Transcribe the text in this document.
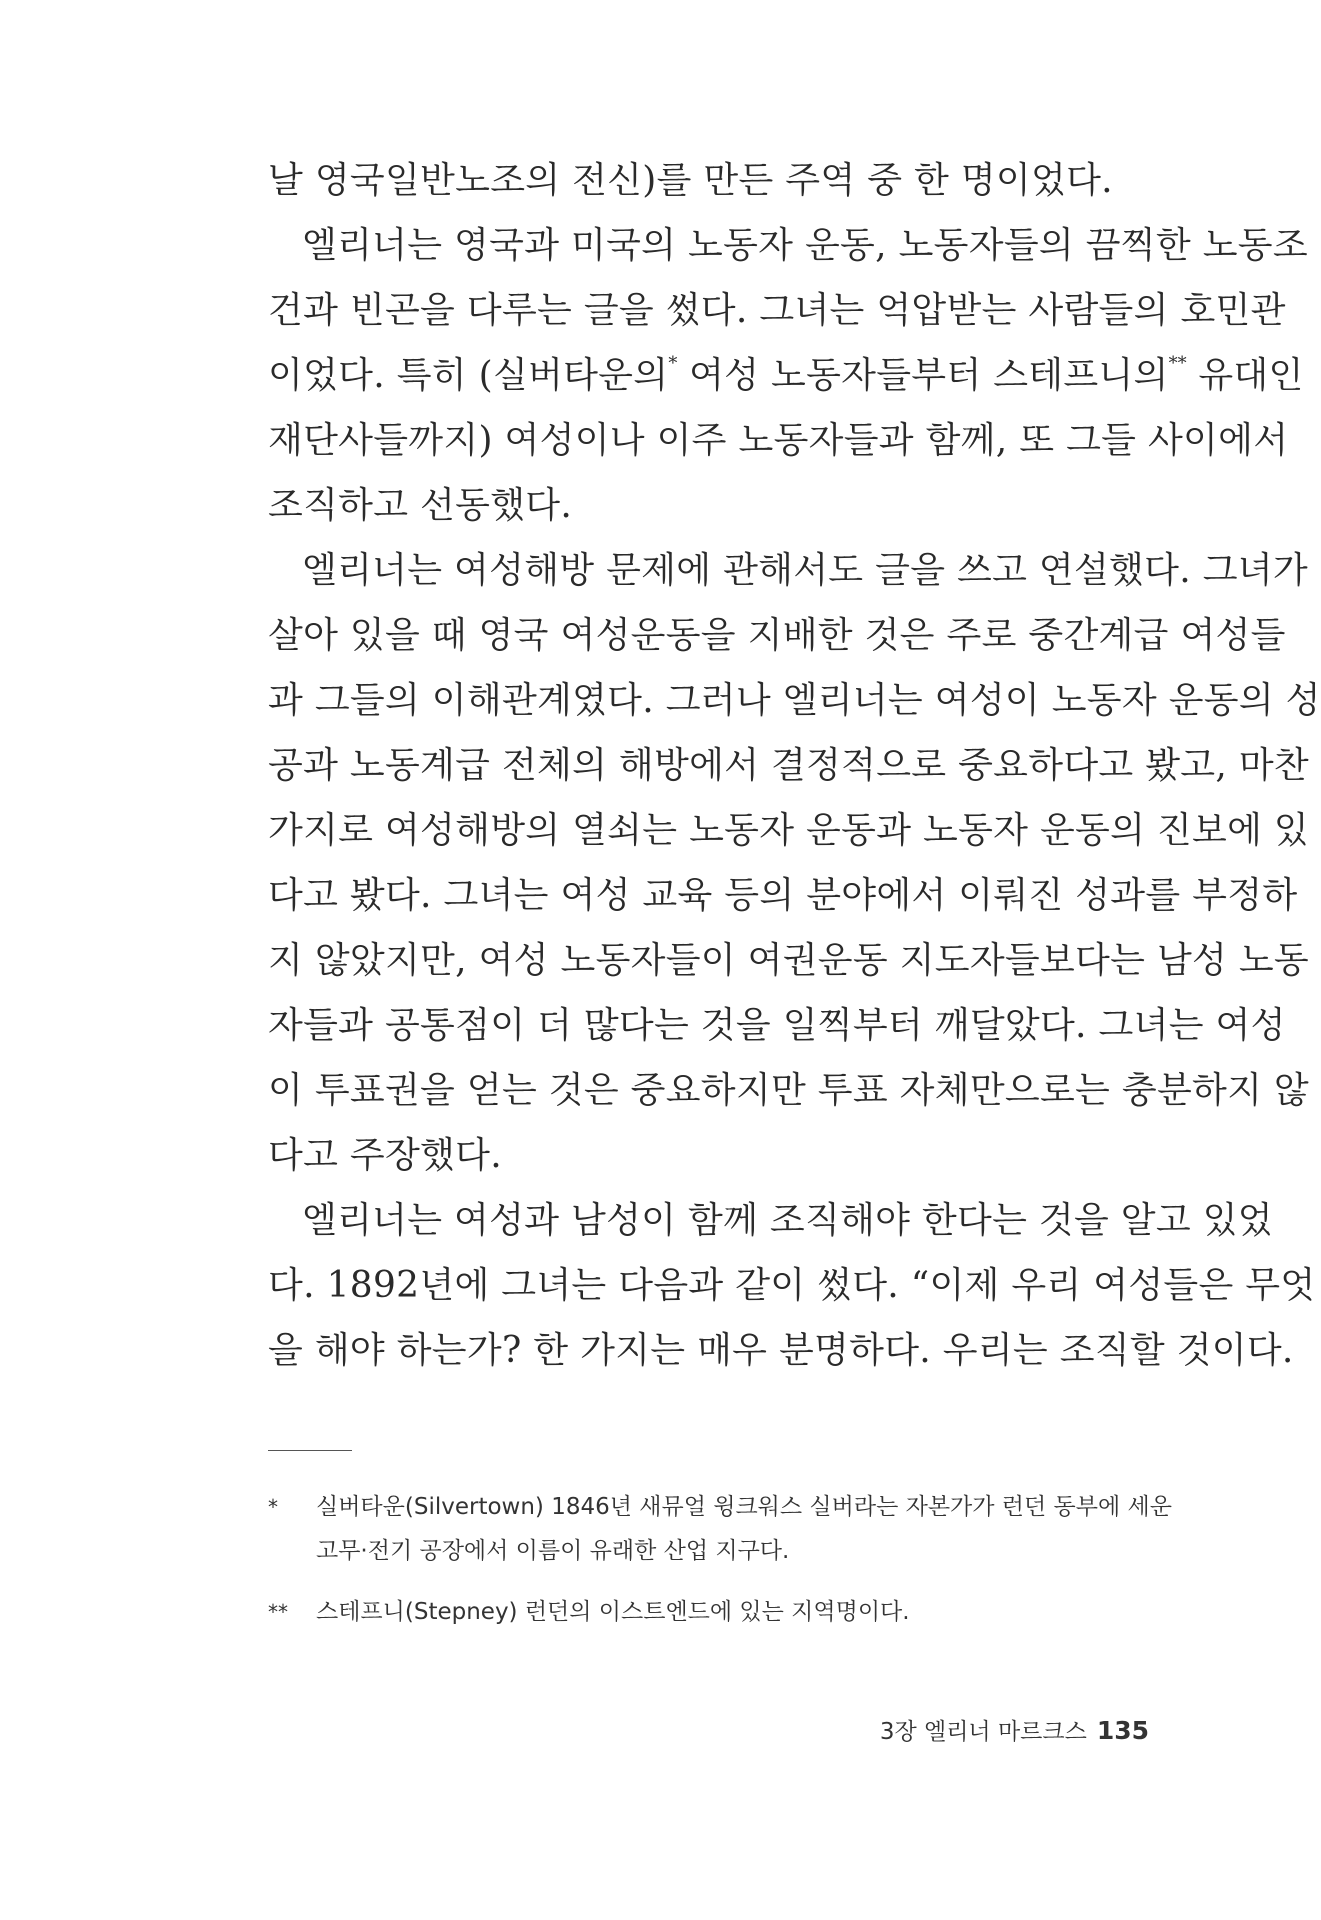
날 영국일반노조의 전신)를 만든 주역 중 한 명이었다.
엘리너는 영국과 미국의 노동자 운동, 노동자들의 끔찍한 노동조
건과 빈곤을 다루는 글을 썼다. 그녀는 억압받는 사람들의 호민관
이었다. 특히 (실버타운의* 여성 노동자들부터 스테프니의** 유대인
재단사들까지) 여성이나 이주 노동자들과 함께, 또 그들 사이에서
조직하고 선동했다.
엘리너는 여성해방 문제에 관해서도 글을 쓰고 연설했다. 그녀가
살아 있을 때 영국 여성운동을 지배한 것은 주로 중간계급 여성들
과 그들의 이해관계였다. 그러나 엘리너는 여성이 노동자 운동의 성
공과 노동계급 전체의 해방에서 결정적으로 중요하다고 봤고, 마찬
가지로 여성해방의 열쇠는 노동자 운동과 노동자 운동의 진보에 있
다고 봤다. 그녀는 여성 교육 등의 분야에서 이뤄진 성과를 부정하
지 않았지만, 여성 노동자들이 여권운동 지도자들보다는 남성 노동
자들과 공통점이 더 많다는 것을 일찍부터 깨달았다. 그녀는 여성
이 투표권을 얻는 것은 중요하지만 투표 자체만으로는 충분하지 않
다고 주장했다.
엘리너는 여성과 남성이 함께 조직해야 한다는 것을 알고 있었
다. 1892년에 그녀는 다음과 같이 썼다. “이제 우리 여성들은 무엇
을 해야 하는가? 한 가지는 매우 분명하다. 우리는 조직할 것이다.
* 실버타운(Silvertown) 1846년 새뮤얼 윙크워스 실버라는 자본가가 런던 동부에 세운
고무·전기 공장에서 이름이 유래한 산업 지구다.
** 스테프니(Stepney) 런던의 이스트엔드에 있는 지역명이다.
3장 엘리너 마르크스 135
